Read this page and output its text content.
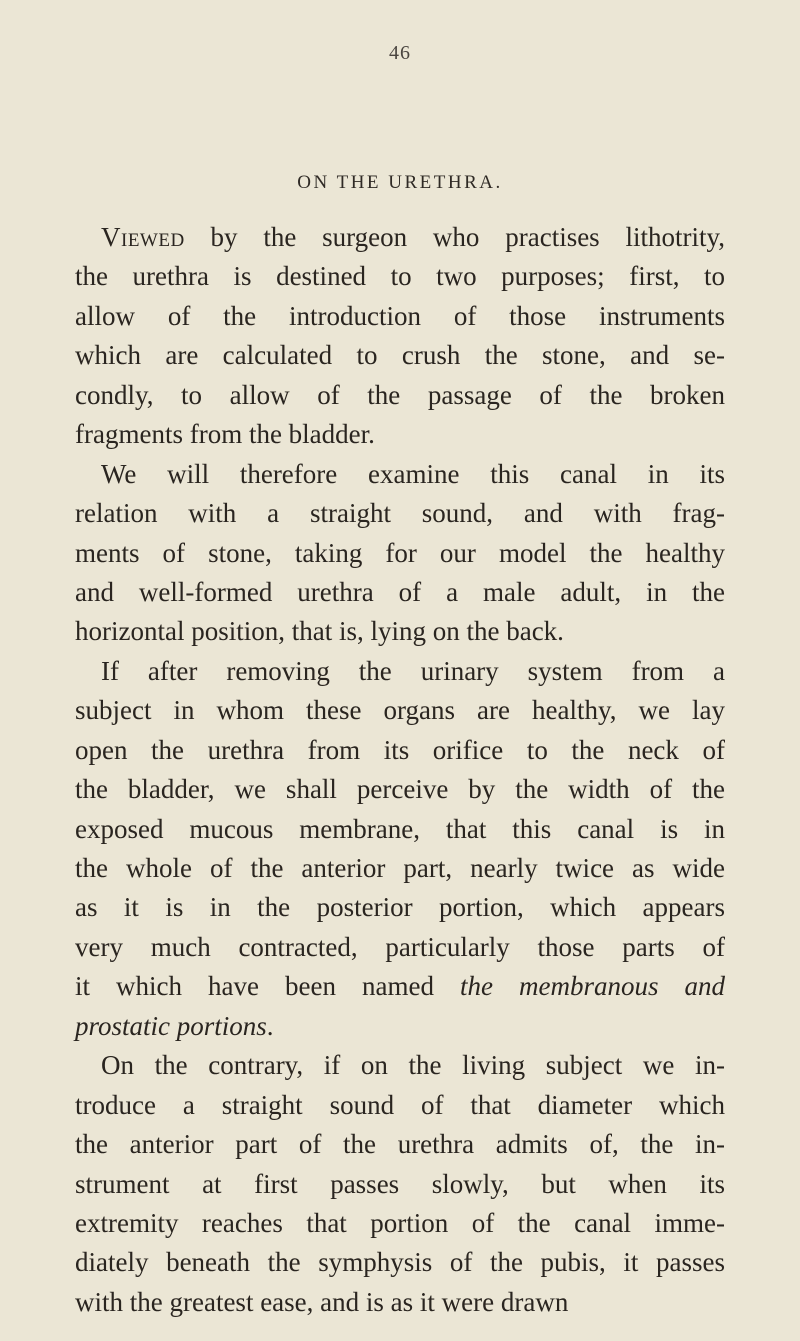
46
ON THE URETHRA.
Viewed by the surgeon who practises lithotrity,
the urethra is destined to two purposes; first, to
allow of the introduction of those instruments
which are calculated to crush the stone, and se-
condly, to allow of the passage of the broken
fragments from the bladder.
We will therefore examine this canal in its
relation with a straight sound, and with frag-
ments of stone, taking for our model the healthy
and well-formed urethra of a male adult, in the
horizontal position, that is, lying on the back.
If after removing the urinary system from a
subject in whom these organs are healthy, we lay
open the urethra from its orifice to the neck of
the bladder, we shall perceive by the width of the
exposed mucous membrane, that this canal is in
the whole of the anterior part, nearly twice as wide
as it is in the posterior portion, which appears
very much contracted, particularly those parts of
it which have been named the membranous and
prostatic portions.
On the contrary, if on the living subject we in-
troduce a straight sound of that diameter which
the anterior part of the urethra admits of, the in-
strument at first passes slowly, but when its
extremity reaches that portion of the canal imme-
diately beneath the symphysis of the pubis, it passes
with the greatest ease, and is as it were drawn
